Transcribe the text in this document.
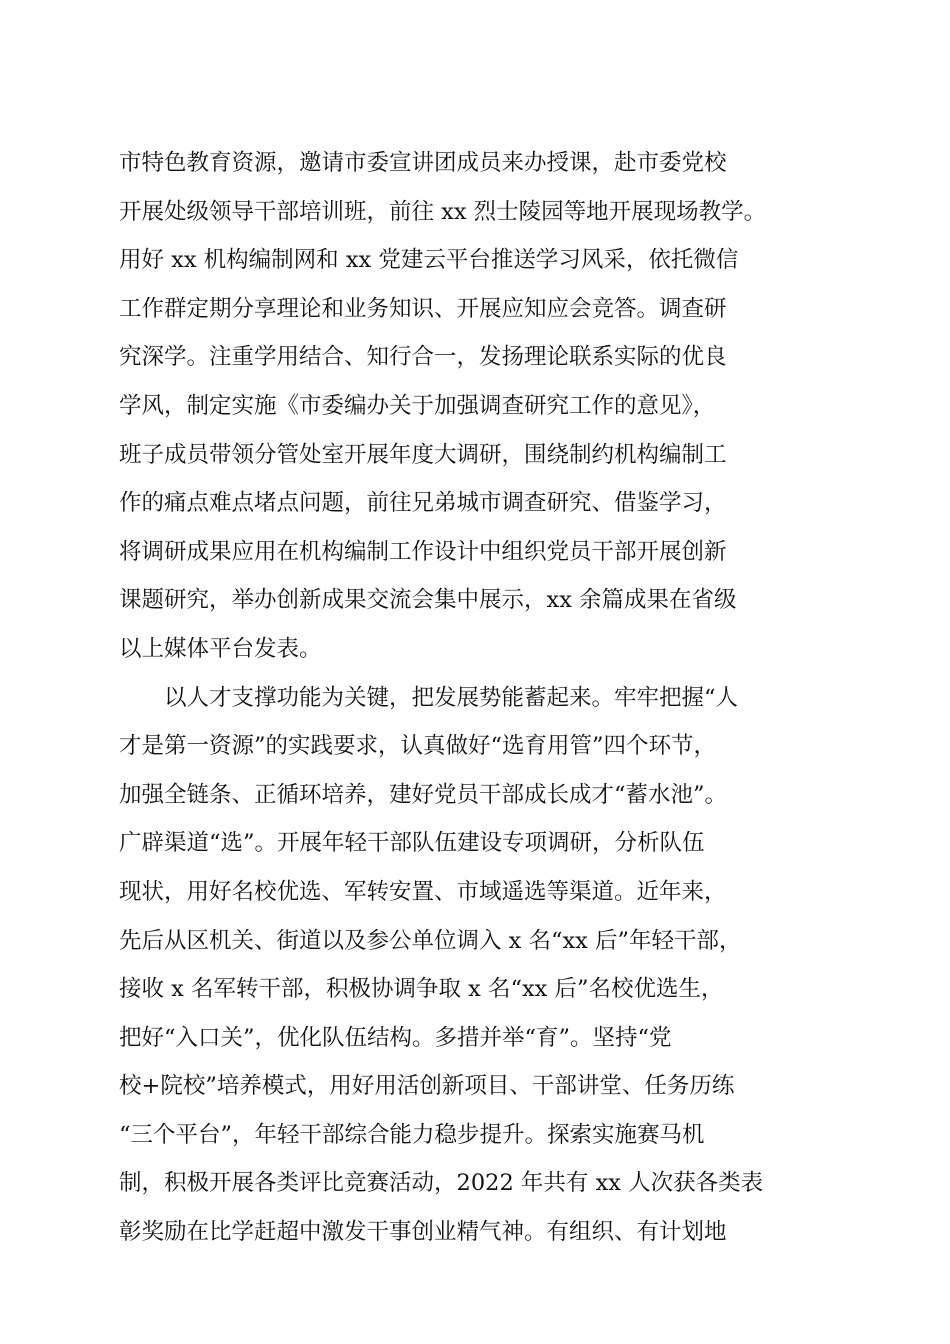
市特色教育资源，邀请市委宣讲团成员来办授课，赴市委党校
开展处级领导干部培训班，前往 xx 烈士陵园等地开展现场教学。
用好 xx 机构编制网和 xx 党建云平台推送学习风采，依托微信
工作群定期分享理论和业务知识、开展应知应会竞答。调查研
究深学。注重学用结合、知行合一，发扬理论联系实际的优良
学风，制定实施《市委编办关于加强调查研究工作的意见》，
班子成员带领分管处室开展年度大调研，围绕制约机构编制工
作的痛点难点堵点问题，前往兄弟城市调查研究、借鉴学习，
将调研成果应用在机构编制工作设计中组织党员干部开展创新
课题研究，举办创新成果交流会集中展示，xx 余篇成果在省级
以上媒体平台发表。
以人才支撑功能为关键，把发展势能蓄起来。牢牢把握“人
才是第一资源”的实践要求，认真做好“选育用管”四个环节，
加强全链条、正循环培养，建好党员干部成长成才“蓄水池”。
广辟渠道“选”。开展年轻干部队伍建设专项调研，分析队伍
现状，用好名校优选、军转安置、市域遥选等渠道。近年来，
先后从区机关、街道以及参公单位调入 x 名“xx 后”年轻干部，
接收 x 名军转干部，积极协调争取 x 名“xx 后”名校优选生，
把好“入口关”，优化队伍结构。多措并举“育”。坚持“党
校+院校”培养模式，用好用活创新项目、干部讲堂、任务历练
“三个平台”，年轻干部综合能力稳步提升。探索实施赛马机
制，积极开展各类评比竞赛活动，2022 年共有 xx 人次获各类表
彰奖励在比学赶超中激发干事创业精气神。有组织、有计划地
